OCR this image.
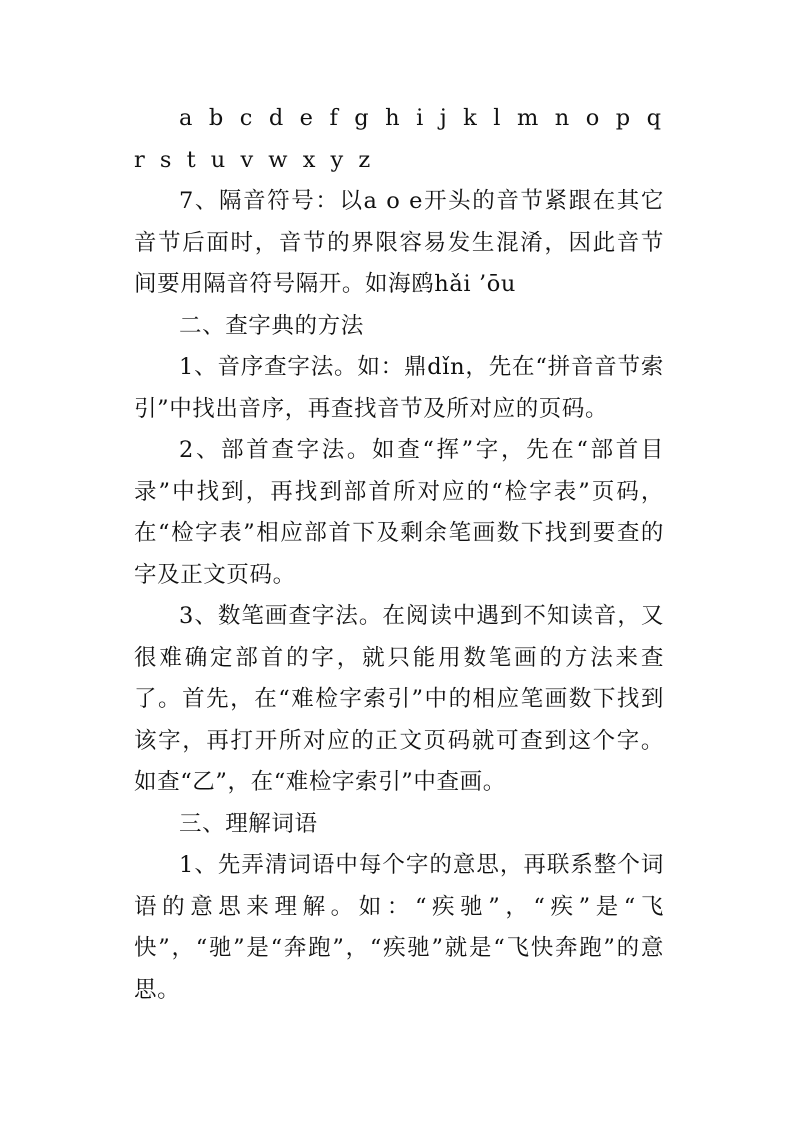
a b c d e f g h i j k l m n o p q r s t u v w x y z

7、隔音符号：以a o e开头的音节紧跟在其它音节后面时，音节的界限容易发生混淆，因此音节间要用隔音符号隔开。如海鸥hǎi ’ōu

二、查字典的方法

1、音序查字法。如：鼎dǐn，先在“拼音音节索引”中找出音序，再查找音节及所对应的页码。

2、部首查字法。如查“挥”字，先在“部首目录”中找到，再找到部首所对应的“检字表”页码，在“检字表”相应部首下及剩余笔画数下找到要查的字及正文页码。

3、数笔画查字法。在阅读中遇到不知读音，又很难确定部首的字，就只能用数笔画的方法来查了。首先，在“难检字索引”中的相应笔画数下找到该字，再打开所对应的正文页码就可查到这个字。如查“乙”，在“难检字索引”中查画。

三、理解词语

1、先弄清词语中每个字的意思，再联系整个词语的意思来理解。如：“疾驰”，“疾”是“飞快”，“驰”是“奔跑”，“疾驰”就是“飞快奔跑”的意思。
